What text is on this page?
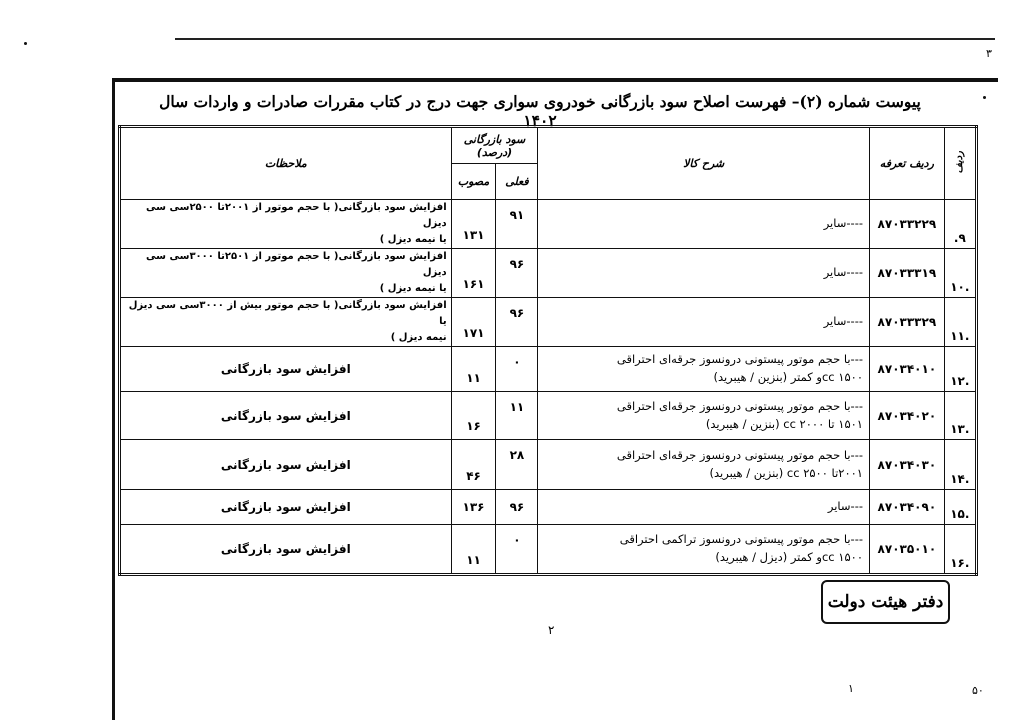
۳
۵۰
۱
پیوست شماره (۲)– فهرست اصلاح سود بازرگانی خودروی سواری جهت درج در کتاب مقررات صادرات و واردات سال ۱۴۰۲
ردیف	ردیف تعرفه	شرح کالا	سود بازرگانی (درصد)		ملاحظات
			فعلی	مصوب	
۹.	۸۷۰۳۳۲۲۹	----سایر	۹۱	۱۳۱	افزایش سود بازرگانی( با حجم موتور از ۲۰۰۱تا ۲۵۰۰سی سی دیزل
یا نیمه دیزل )

.۱۰	۸۷۰۳۳۳۱۹	----سایر	۹۶	۱۶۱	افزایش سود بازرگانی( با حجم موتور از ۲۵۰۱تا ۳۰۰۰سی سی دیزل
یا نیمه دیزل )

.۱۱	۸۷۰۳۳۳۲۹	----سایر	۹۶	۱۷۱	افزایش سود بازرگانی( با حجم موتور بیش از ۳۰۰۰سی سی دیزل یا
نیمه دیزل )

.۱۲	۸۷۰۳۴۰۱۰	---با حجم موتور پیستونی درونسوز جرقه‌ای احتراقی
cc ۱۵۰۰و کمتر (بنزین / هیبرید)	۰	۱۱	افزایش سود بازرگانی
.۱۳	۸۷۰۳۴۰۲۰	---با حجم موتور پیستونی درونسوز جرقه‌ای احتراقی
۱۵۰۱ تا cc ۲۰۰۰ (بنزین / هیبرید)	۱۱	۱۶	افزایش سود بازرگانی
.۱۴	۸۷۰۳۴۰۳۰	---با حجم موتور پیستونی درونسوز جرقه‌ای احتراقی
۲۰۰۱تا cc ۲۵۰۰ (بنزین / هیبرید)	۲۸	۴۶	افزایش سود بازرگانی
.۱۵	۸۷۰۳۴۰۹۰	---سایر	۹۶	۱۳۶	افزایش سود بازرگانی
.۱۶	۸۷۰۳۵۰۱۰	---با حجم موتور پیستونی درونسوز تراکمی احتراقی
cc ۱۵۰۰و کمتر (دیزل / هیبرید)	۰	۱۱	افزایش سود بازرگانی
دفتر هیئت دولت
۲
